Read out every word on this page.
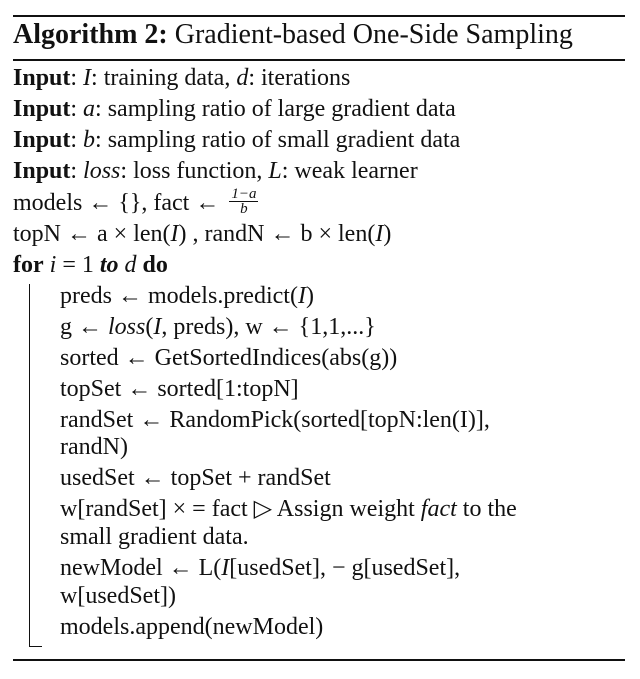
Algorithm 2: Gradient-based One-Side Sampling
Input: I: training data, d: iterations
Input: a: sampling ratio of large gradient data
Input: b: sampling ratio of small gradient data
Input: loss: loss function, L: weak learner
models ← {}, fact ← $\frac{1-a}{b}$
topN ← a × len(I) , randN ← b × len(I)
for i = 1 to d do
preds ← models.predict(I)
g ← loss(I, preds), w ← {1,1,...}
sorted ← GetSortedIndices(abs(g))
topSet ← sorted[1:topN]
randSet ← RandomPick(sorted[topN:len(I)],
randN)
usedSet ← topSet + randSet
w[randSet] × = fact ▷ Assign weight fact to the
small gradient data.
newModel ← L(I[usedSet], − g[usedSet],
w[usedSet])
models.append(newModel)
